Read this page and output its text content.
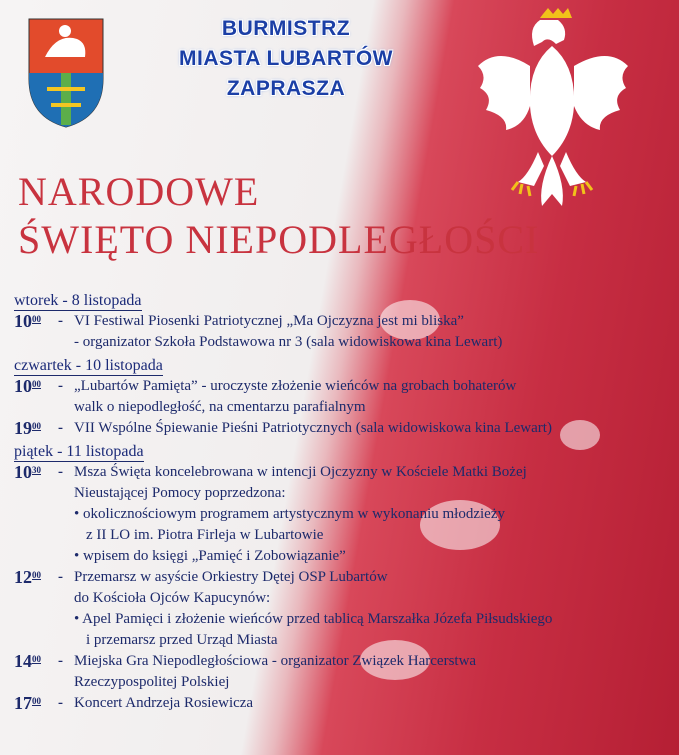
BURMISTRZ
MIASTA LUBARTÓW
ZAPRASZA
NARODOWE
ŚWIĘTO NIEPODLEGŁOŚCI
wtorek - 8 listopada
$10^{00}$	- VI Festiwal Piosenki Patriotycznej „Ma Ojczyzna jest mi bliska”
- organizator Szkoła Podstawowa nr 3 (sala widowiskowa kina Lewart)
czwartek - 10 listopada
$10^{00}$	- „Lubartów Pamięta” - uroczyste złożenie wieńców na grobach bohaterów
walk o niepodległość, na cmentarzu parafialnym
$19^{00}$	- VII Wspólne Śpiewanie Pieśni Patriotycznych (sala widowiskowa kina Lewart)
piątek - 11 listopada
$10^{30}$	- Msza Święta koncelebrowana w intencji Ojczyzny w Kościele Matki Bożej
Nieustającej Pomocy poprzedzona:
• okolicznościowym programem artystycznym w wykonaniu młodzieży
z II LO im. Piotra Firleja w Lubartowie
• wpisem do księgi „Pamięć i Zobowiązanie”
$12^{00}$	- Przemarsz w asyście Orkiestry Dętej OSP Lubartów
do Kościoła Ojców Kapucynów:
• Apel Pamięci i złożenie wieńców przed tablicą Marszałka Józefa Piłsudskiego
i przemarsz przed Urząd Miasta
$14^{00}$	- Miejska Gra Niepodległościowa - organizator Związek Harcerstwa
Rzeczypospolitej Polskiej
$17^{00}$	- Koncert Andrzeja Rosiewicza
